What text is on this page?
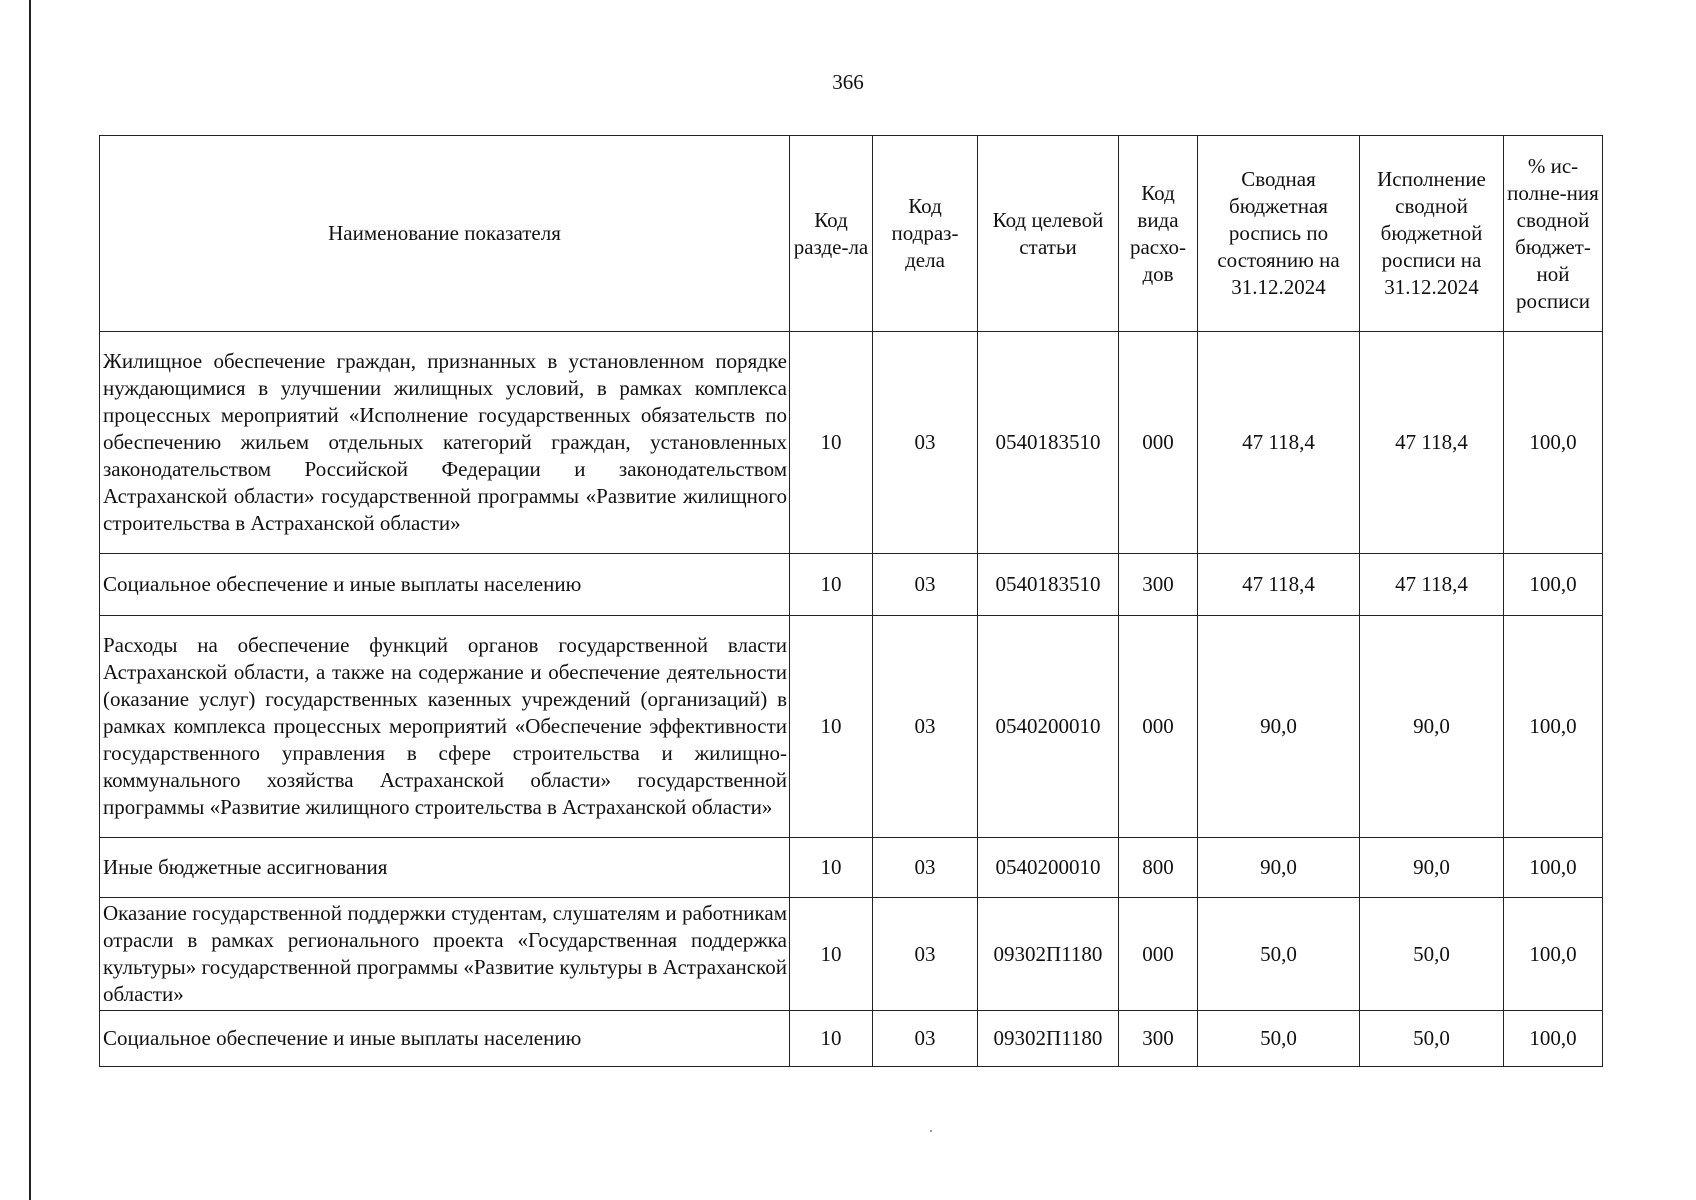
366
Наименование показателя	Код разде-ла	Код подраз-дела	Код целевой статьи	Код вида расхо-дов	Сводная бюджетная роспись по состоянию на 31.12.2024	Исполнение сводной бюджетной росписи на 31.12.2024	% ис-полне-ния сводной бюджет-ной росписи
Жилищное обеспечение граждан, признанных в установленном порядке нуждающимися в улучшении жилищных условий, в рамках комплекса процессных мероприятий «Исполнение государственных обязательств по обеспечению жильем отдельных категорий граждан, установленных законодательством Российской Федерации и законодательством Астраханской области» государственной программы «Развитие жилищного строительства в Астраханской области»	10	03	0540183510	000	47 118,4	47 118,4	100,0
Социальное обеспечение и иные выплаты населению	10	03	0540183510	300	47 118,4	47 118,4	100,0
Расходы на обеспечение функций органов государственной власти Астраханской области, а также на содержание и обеспечение деятельности (оказание услуг) государственных казенных учреждений (организаций) в рамках комплекса процессных мероприятий «Обеспечение эффективности государственного управления в сфере строительства и жилищно-коммунального хозяйства Астраханской области» государственной программы «Развитие жилищного строительства в Астраханской области»	10	03	0540200010	000	90,0	90,0	100,0
Иные бюджетные ассигнования	10	03	0540200010	800	90,0	90,0	100,0
Оказание государственной поддержки студентам, слушателям и работникам отрасли в рамках регионального проекта «Государственная поддержка культуры» государственной программы «Развитие культуры в Астраханской области»	10	03	09302П1180	000	50,0	50,0	100,0
Социальное обеспечение и иные выплаты населению	10	03	09302П1180	300	50,0	50,0	100,0
